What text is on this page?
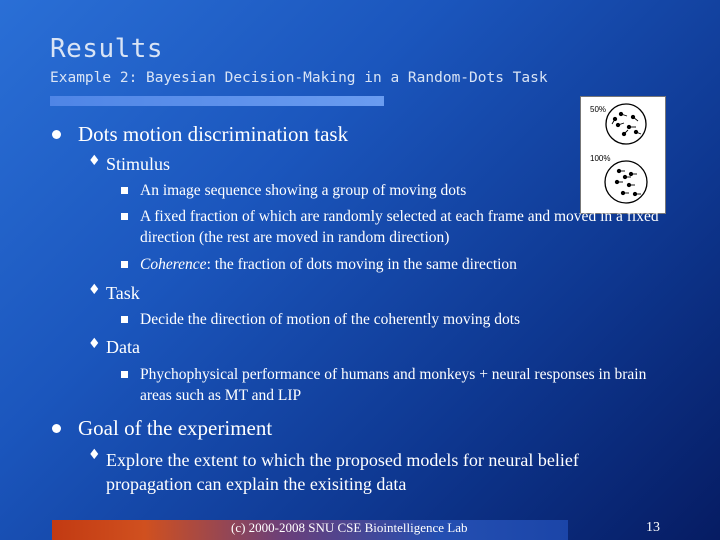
Results
Example 2: Bayesian Decision-Making in a Random-Dots Task
50%
100%
Dots motion discrimination task
♦ Stimulus
An image sequence showing a group of moving dots
A fixed fraction of which are randomly selected at each frame and moved in a fixed direction (the rest are moved in random direction)
Coherence: the fraction of dots moving in the same direction
♦ Task
Decide the direction of motion of the coherently moving dots
♦ Data
Phychophysical performance of humans and monkeys + neural responses in brain areas such as MT and LIP
Goal of the experiment
♦ Explore the extent to which the proposed models for neural belief propagation can explain the exisiting data
(c) 2000-2008 SNU CSE Biointelligence Lab	13
